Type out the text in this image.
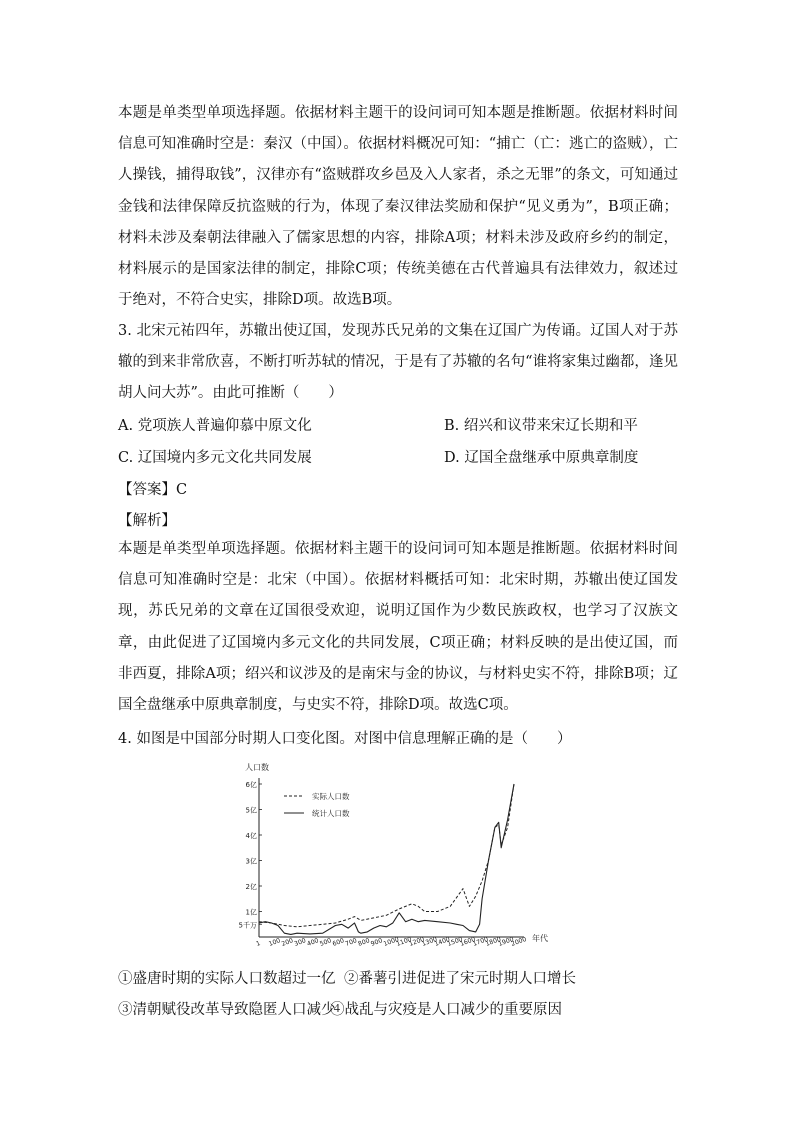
本题是单类型单项选择题。依据材料主题干的设问词可知本题是推断题。依据材料时间信息可知准确时空是：秦汉（中国）。依据材料概况可知：“捕亡（亡：逃亡的盗贼），亡人操钱，捕得取钱”，汉律亦有“盗贼群攻乡邑及入人家者，杀之无罪”的条文，可知通过金钱和法律保障反抗盗贼的行为，体现了秦汉律法奖励和保护“见义勇为”，B项正确；材料未涉及秦朝法律融入了儒家思想的内容，排除A项；材料未涉及政府乡约的制定，材料展示的是国家法律的制定，排除C项；传统美德在古代普遍具有法律效力，叙述过于绝对，不符合史实，排除D项。故选B项。
3. 北宋元祐四年，苏辙出使辽国，发现苏氏兄弟的文集在辽国广为传诵。辽国人对于苏辙的到来非常欣喜，不断打听苏轼的情况，于是有了苏辙的名句“谁将家集过幽都，逢见胡人问大苏”。由此可推断（　　）
A. 党项族人普遍仰慕中原文化	B. 绍兴和议带来宋辽长期和平
C. 辽国境内多元文化共同发展	D. 辽国全盘继承中原典章制度
【答案】C
【解析】
本题是单类型单项选择题。依据材料主题干的设问词可知本题是推断题。依据材料时间信息可知准确时空是：北宋（中国）。依据材料概括可知：北宋时期，苏辙出使辽国发现，苏氏兄弟的文章在辽国很受欢迎，说明辽国作为少数民族政权，也学习了汉族文章，由此促进了辽国境内多元文化的共同发展，C项正确；材料反映的是出使辽国，而非西夏，排除A项；绍兴和议涉及的是南宋与金的协议，与材料史实不符，排除B项；辽国全盘继承中原典章制度，与史实不符，排除D项。故选C项。
4. 如图是中国部分时期人口变化图。对图中信息理解正确的是（　　）
①盛唐时期的实际人口数超过一亿 ②番薯引进促进了宋元时期人口增长
③清朝赋役改革导致隐匿人口减少
④战乱与灾疫是人口减少的重要原因
人口数
年代
5千万
1亿
2亿
3亿
4亿
5亿
6亿
1 100 200 300 400 500 600 700 800 900 1000
1100
1200
1300
1400
1500
1600
1700
1800
1900
2000
实际人口数
统计人口数
